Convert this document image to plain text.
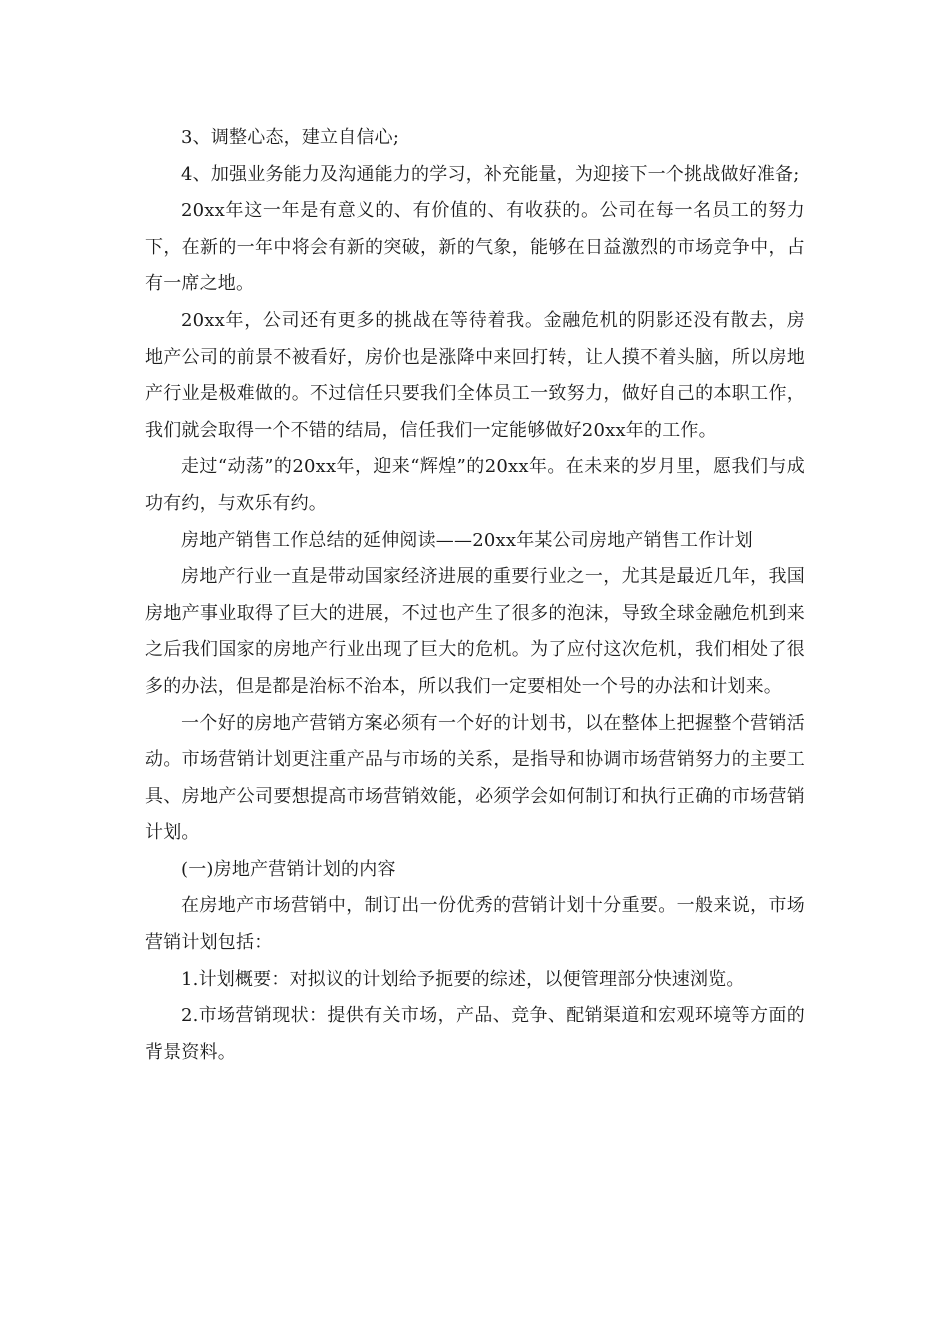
3、调整心态，建立自信心;

4、加强业务能力及沟通能力的学习，补充能量，为迎接下一个挑战做好准备;

20xx年这一年是有意义的、有价值的、有收获的。公司在每一名员工的努力下，在新的一年中将会有新的突破，新的气象，能够在日益激烈的市场竞争中，占有一席之地。

20xx年，公司还有更多的挑战在等待着我。金融危机的阴影还没有散去，房地产公司的前景不被看好，房价也是涨降中来回打转，让人摸不着头脑，所以房地产行业是极难做的。不过信任只要我们全体员工一致努力，做好自己的本职工作，我们就会取得一个不错的结局，信任我们一定能够做好20xx年的工作。

走过“动荡”的20xx年，迎来“辉煌”的20xx年。在未来的岁月里，愿我们与成功有约，与欢乐有约。

房地产销售工作总结的延伸阅读——20xx年某公司房地产销售工作计划

房地产行业一直是带动国家经济进展的重要行业之一，尤其是最近几年，我国房地产事业取得了巨大的进展，不过也产生了很多的泡沫，导致全球金融危机到来之后我们国家的房地产行业出现了巨大的危机。为了应付这次危机，我们相处了很多的办法，但是都是治标不治本，所以我们一定要相处一个号的办法和计划来。

一个好的房地产营销方案必须有一个好的计划书，以在整体上把握整个营销活动。市场营销计划更注重产品与市场的关系，是指导和协调市场营销努力的主要工具、房地产公司要想提高市场营销效能，必须学会如何制订和执行正确的市场营销计划。

(一)房地产营销计划的内容

在房地产市场营销中，制订出一份优秀的营销计划十分重要。一般来说，市场营销计划包括：

1.计划概要：对拟议的计划给予扼要的综述，以便管理部分快速浏览。

2.市场营销现状：提供有关市场，产品、竞争、配销渠道和宏观环境等方面的背景资料。
